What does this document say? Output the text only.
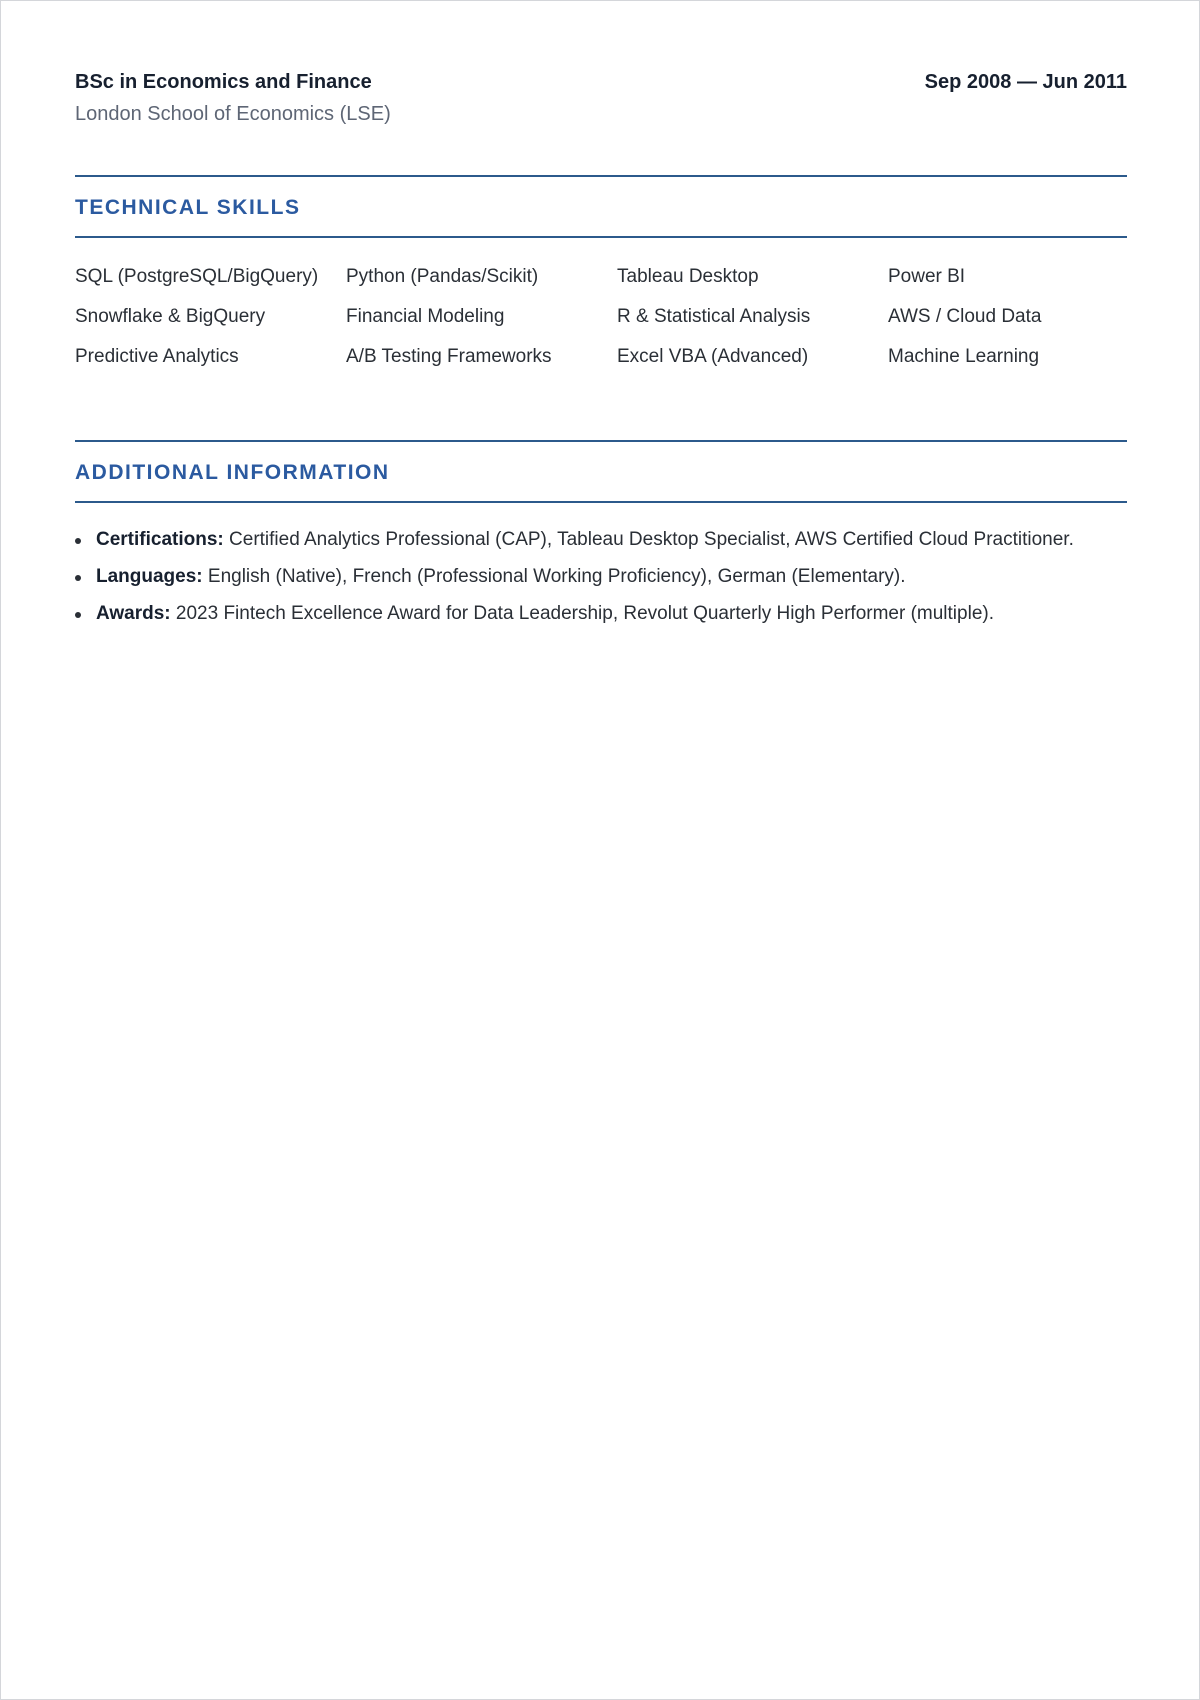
BSc in Economics and Finance	Sep 2008 — Jun 2011
London School of Economics (LSE)
TECHNICAL SKILLS
SQL (PostgreSQL/BigQuery)	Python (Pandas/Scikit)	Tableau Desktop	Power BI
Snowflake & BigQuery	Financial Modeling	R & Statistical Analysis	AWS / Cloud Data
Predictive Analytics	A/B Testing Frameworks	Excel VBA (Advanced)	Machine Learning
ADDITIONAL INFORMATION
Certifications: Certified Analytics Professional (CAP), Tableau Desktop Specialist, AWS Certified Cloud Practitioner.
Languages: English (Native), French (Professional Working Proficiency), German (Elementary).
Awards: 2023 Fintech Excellence Award for Data Leadership, Revolut Quarterly High Performer (multiple).
